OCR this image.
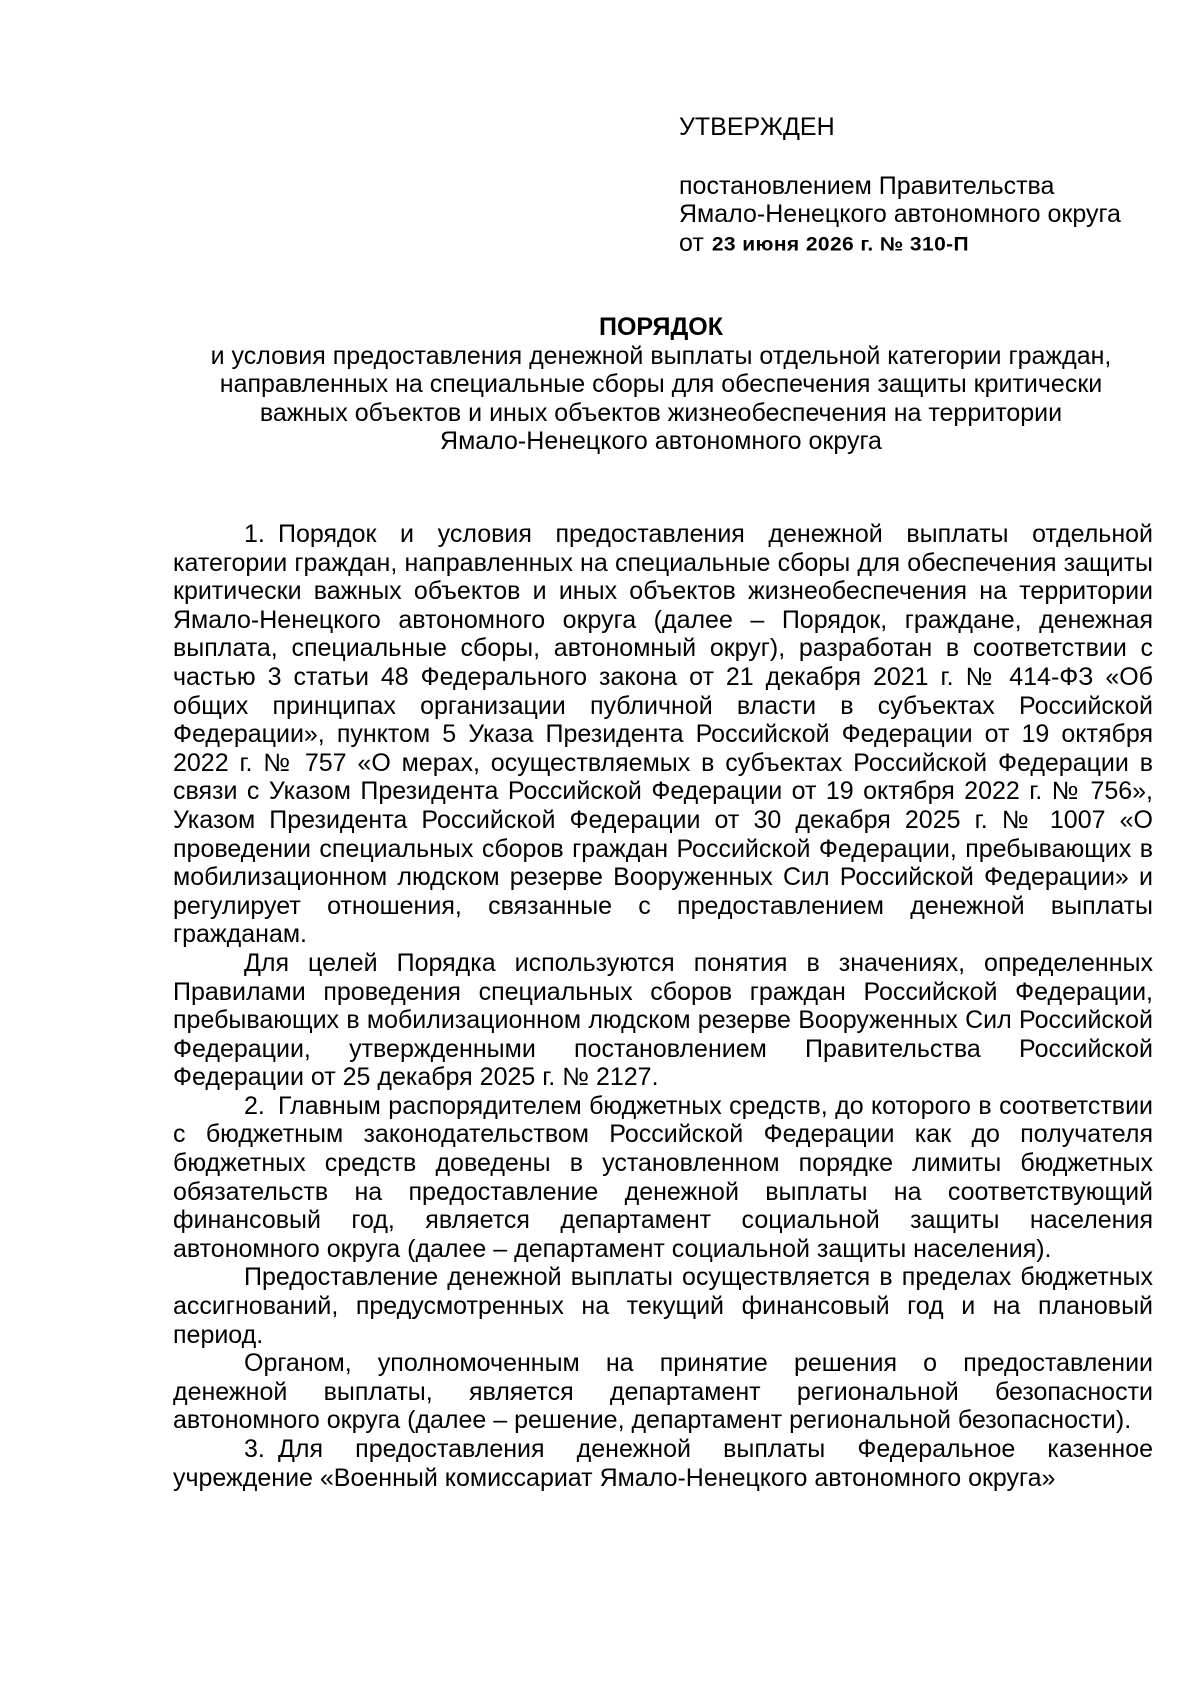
УТВЕРЖДЕН
постановлением Правительства
Ямало-Ненецкого автономного округа
от 23 июня 2026 г. № 310-П
ПОРЯДОК
и условия предоставления денежной выплаты отдельной категории граждан,
направленных на специальные сборы для обеспечения защиты критически
важных объектов и иных объектов жизнеобеспечения на территории
Ямало-Ненецкого автономного округа

1. Порядок и условия предоставления денежной выплаты отдельной категории граждан, направленных на специальные сборы для обеспечения защиты критически важных объектов и иных объектов жизнеобеспечения на территории Ямало-Ненецкого автономного округа (далее – Порядок, граждане, денежная выплата, специальные сборы, автономный округ), разработан в соответствии с частью 3 статьи 48 Федерального закона от 21 декабря 2021 г. № 414-ФЗ «Об общих принципах организации публичной власти в субъектах Российской Федерации», пунктом 5 Указа Президента Российской Федерации от 19 октября 2022 г. № 757 «О мерах, осуществляемых в субъектах Российской Федерации в связи с Указом Президента Российской Федерации от 19 октября 2022 г. № 756», Указом Президента Российской Федерации от 30 декабря 2025 г. № 1007 «О проведении специальных сборов граждан Российской Федерации, пребывающих в мобилизационном людском резерве Вооруженных Сил Российской Федерации» и регулирует отношения, связанные с предоставлением денежной выплаты гражданам.

Для целей Порядка используются понятия в значениях, определенных Правилами проведения специальных сборов граждан Российской Федерации, пребывающих в мобилизационном людском резерве Вооруженных Сил Российской Федерации, утвержденными постановлением Правительства Российской Федерации от 25 декабря 2025 г. № 2127.

2. Главным распорядителем бюджетных средств, до которого в соответствии с бюджетным законодательством Российской Федерации как до получателя бюджетных средств доведены в установленном порядке лимиты бюджетных обязательств на предоставление денежной выплаты на соответствующий финансовый год, является департамент социальной защиты населения автономного округа (далее – департамент социальной защиты населения).

Предоставление денежной выплаты осуществляется в пределах бюджетных ассигнований, предусмотренных на текущий финансовый год и на плановый период.

Органом, уполномоченным на принятие решения о предоставлении денежной выплаты, является департамент региональной безопасности автономного округа (далее – решение, департамент региональной безопасности).

3. Для предоставления денежной выплаты Федеральное казенное учреждение «Военный комиссариат Ямало-Ненецкого автономного округа»
